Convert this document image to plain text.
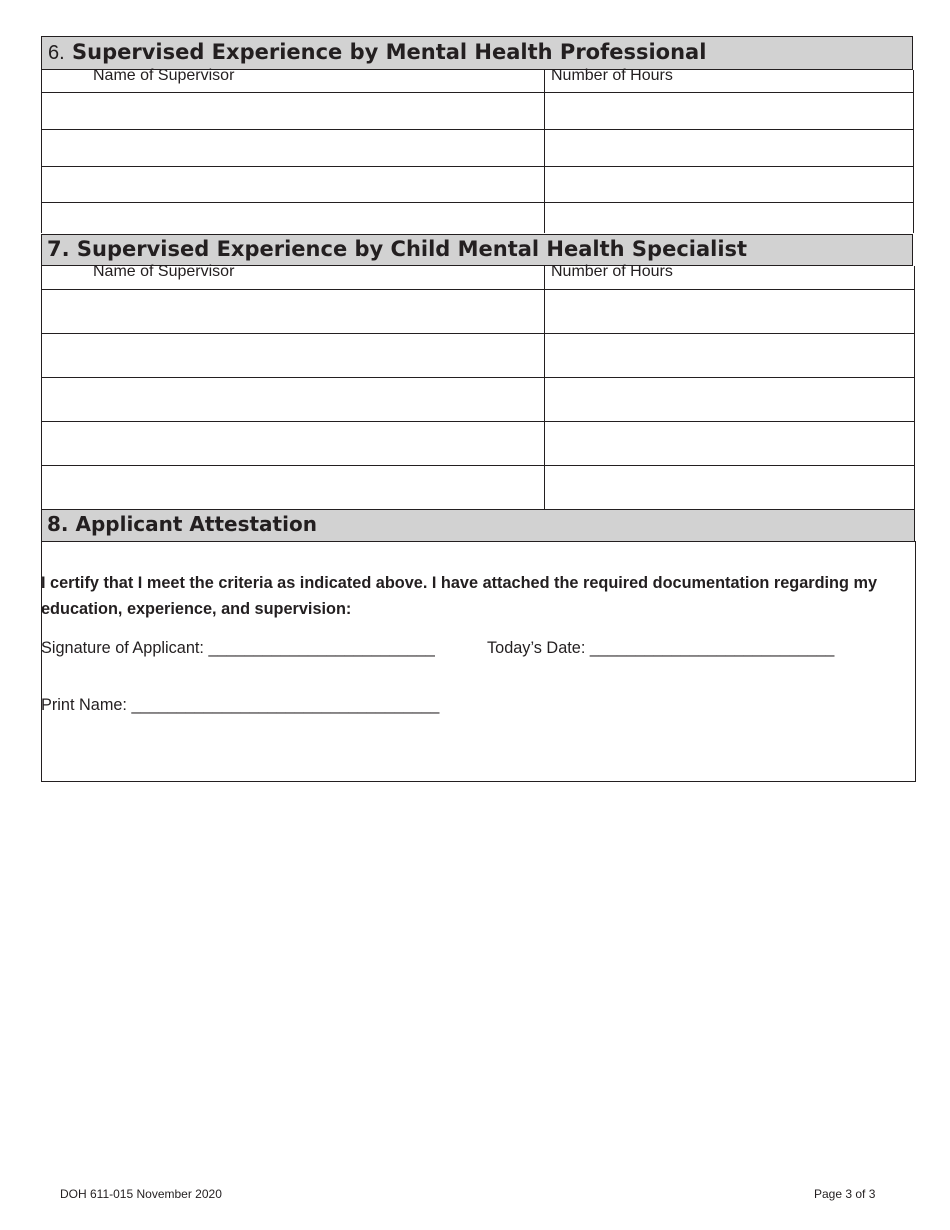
6. Supervised Experience by Mental Health Professional
Name of Supervisor	Number of Hours
7. Supervised Experience by Child Mental Health Specialist
Name of Supervisor	Number of Hours
8. Applicant Attestation
I certify that I meet the criteria as indicated above. I have attached the required documentation regarding my education, experience, and supervision:
Signature of Applicant: _________________________	Today’s Date: ___________________________
Print Name: __________________________________
DOH 611-015 November 2020	Page 3 of 3
